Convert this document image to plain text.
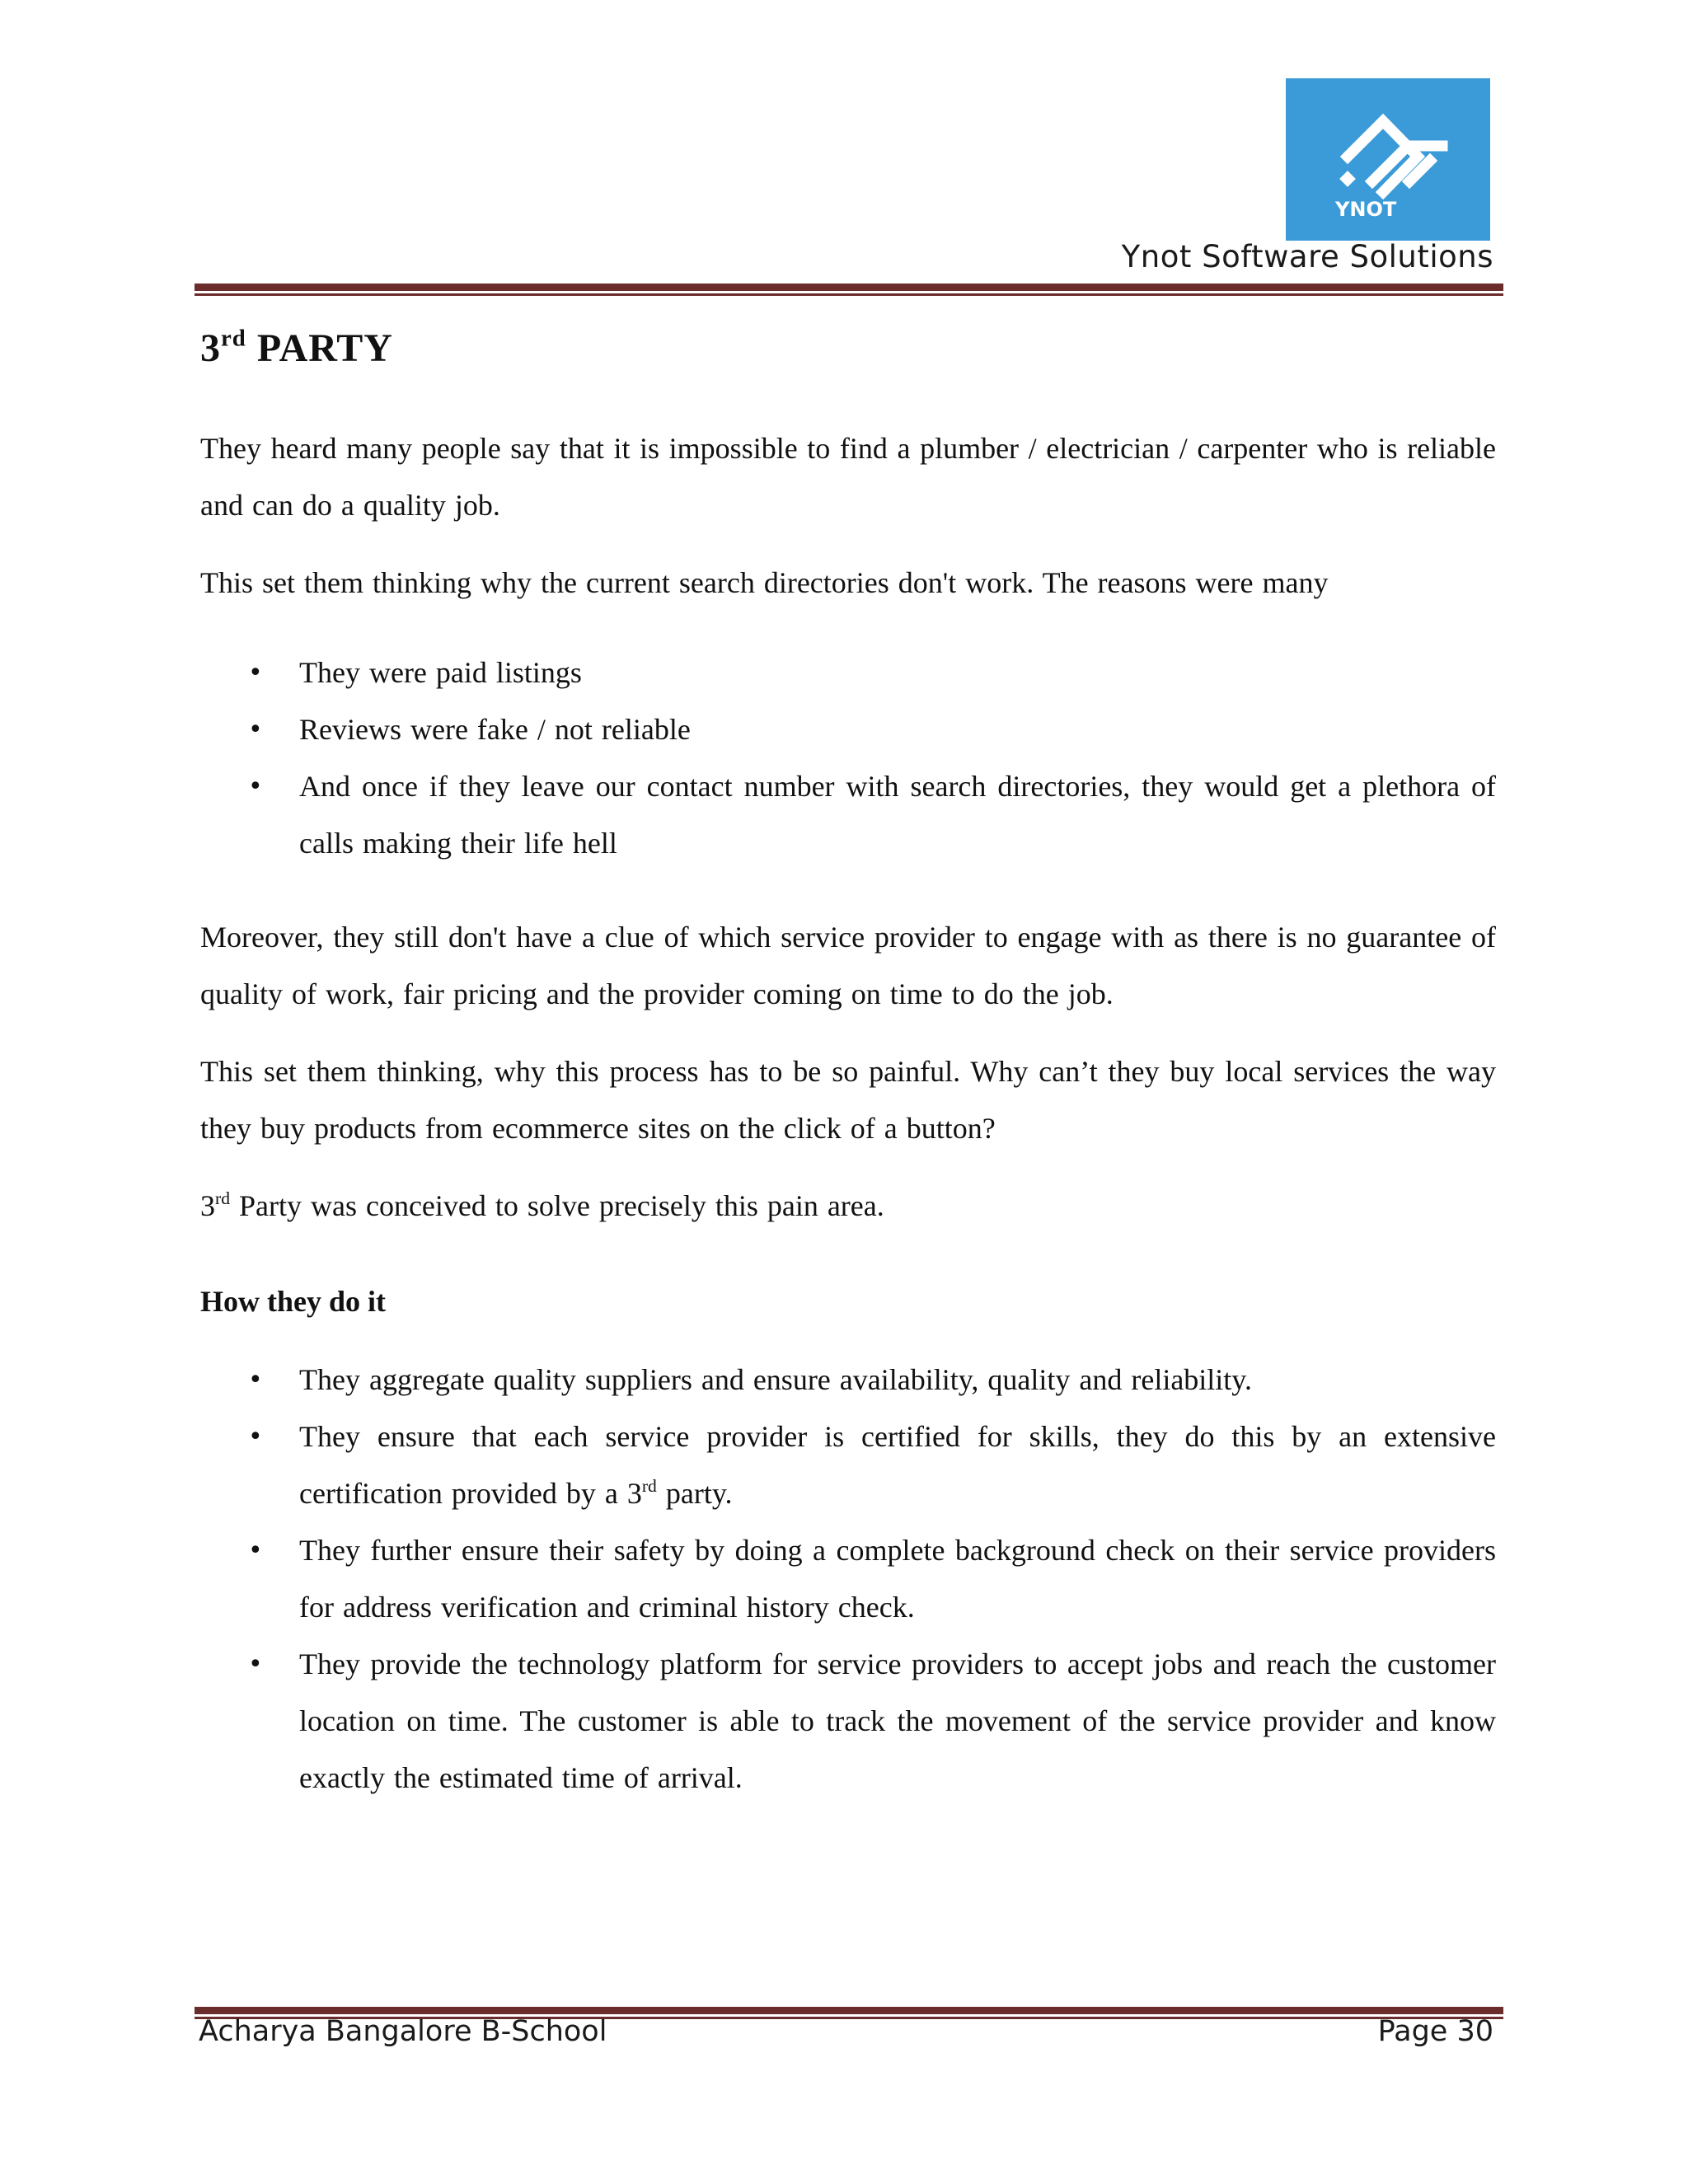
YNOT
Ynot Software Solutions
3rd PARTY

They heard many people say that it is impossible to find a plumber / electrician / carpenter who is reliable and can do a quality job.

This set them thinking why the current search directories don't work. The reasons were many

• They were paid listings
• Reviews were fake / not reliable
• And once if they leave our contact number with search directories, they would get a plethora of calls making their life hell

Moreover, they still don't have a clue of which service provider to engage with as there is no guarantee of quality of work, fair pricing and the provider coming on time to do the job.

This set them thinking, why this process has to be so painful. Why can’t they buy local services the way they buy products from ecommerce sites on the click of a button?

3rd Party was conceived to solve precisely this pain area.

How they do it
• They aggregate quality suppliers and ensure availability, quality and reliability.
• They ensure that each service provider is certified for skills, they do this by an extensive certification provided by a 3rd party.
• They further ensure their safety by doing a complete background check on their service providers for address verification and criminal history check.
• They provide the technology platform for service providers to accept jobs and reach the customer location on time. The customer is able to track the movement of the service provider and know exactly the estimated time of arrival.
Acharya Bangalore B-School	Page 30
